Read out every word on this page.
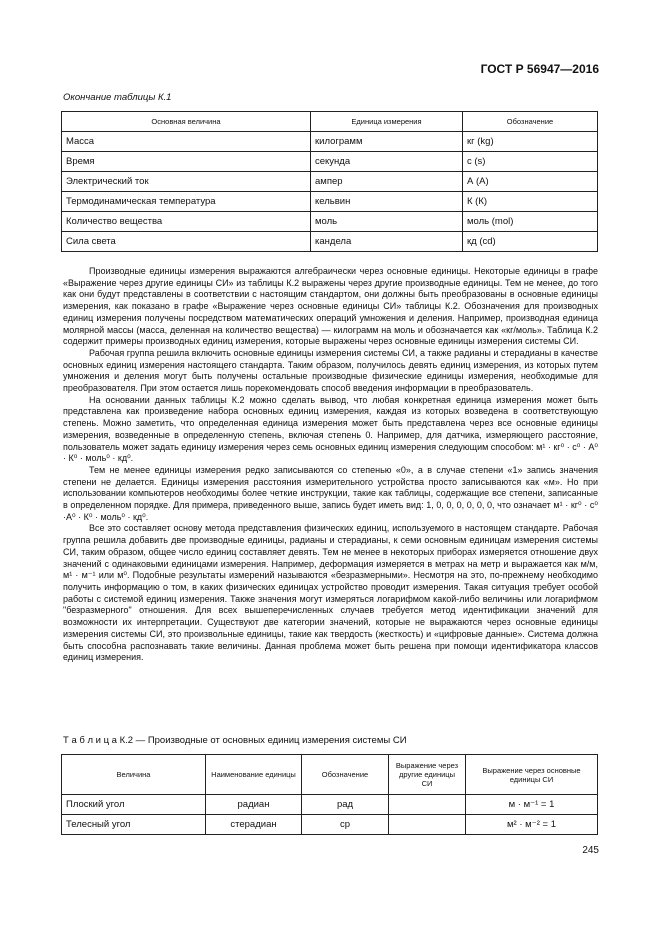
ГОСТ Р 56947—2016
Окончание таблицы К.1
Основная величина	Единица измерения	Обозначение
Масса	килограмм	кг (kg)
Время	секунда	с (s)
Электрический ток	ампер	А (А)
Термодинамическая температура	кельвин	К (К)
Количество вещества	моль	моль (mol)
Сила света	кандела	кд (cd)

Производные единицы измерения выражаются алгебраически через основные единицы. Некоторые единицы в графе «Выражение через другие единицы СИ» из таблицы К.2 выражены через другие производные единицы. Тем не менее, до того как они будут представлены в соответствии с настоящим стандартом, они должны быть преобразованы в основные единицы измерения, как показано в графе «Выражение через основные единицы СИ» таблицы К.2. Обозначения для производных единиц измерения получены посредством математических операций умножения и деления. Например, производная единица молярной массы (масса, деленная на количество вещества) — килограмм на моль и обозначается как «кг/моль». Таблица К.2 содержит примеры производных единиц измерения, которые выражены через основные единицы измерения системы СИ.

Рабочая группа решила включить основные единицы измерения системы СИ, а также радианы и стерадианы в качестве основных единиц измерения настоящего стандарта. Таким образом, получилось девять единиц измерения, из которых путем умножения и деления могут быть получены остальные производные физические единицы измерения, необходимые для преобразователя. При этом остается лишь порекомендовать способ введения информации в преобразователь.

На основании данных таблицы К.2 можно сделать вывод, что любая конкретная единица измерения может быть представлена как произведение набора основных единиц измерения, каждая из которых возведена в соответствующую степень. Можно заметить, что определенная единица измерения может быть представлена через все основные единицы измерения, возведенные в определенную степень, включая степень 0. Например, для датчика, измеряющего расстояние, пользователь может задать единицу измерения через семь основных единиц измерения следующим способом: м¹ · кг⁰ · с⁰ · А⁰ · К⁰ · моль⁰ · кд⁰.

Тем не менее единицы измерения редко записываются со степенью «0», а в случае степени «1» запись значения степени не делается. Единицы измерения расстояния измерительного устройства просто записываются как «м». Но при использовании компьютеров необходимы более четкие инструкции, такие как таблицы, содержащие все степени, записанные в определенном порядке. Для примера, приведенного выше, запись будет иметь вид: 1, 0, 0, 0, 0, 0, 0, что означает м¹ · кг⁰ · с⁰ ·А⁰ · К⁰ · моль⁰ · кд⁰.

Все это составляет основу метода представления физических единиц, используемого в настоящем стандарте. Рабочая группа решила добавить две производные единицы, радианы и стерадианы, к семи основным единицам измерения системы СИ, таким образом, общее число единиц составляет девять. Тем не менее в некоторых приборах измеряется отношение двух значений с одинаковыми единицами измерения. Например, деформация измеряется в метрах на метр и выражается как м/м, м¹ · м⁻¹ или м⁰. Подобные результаты измерений называются «безразмерными». Несмотря на это, по-прежнему необходимо получить информацию о том, в каких физических единицах устройство проводит измерения. Такая ситуация требует особой работы с системой единиц измерения. Также значения могут измеряться логарифмом какой-либо величины или логарифмом "безразмерного" отношения. Для всех вышеперечисленных случаев требуется метод идентификации значений для возможности их интерпретации. Существуют две категории значений, которые не выражаются через основные единицы измерения системы СИ, это произвольные единицы, такие как твердость (жесткость) и «цифровые данные». Система должна быть способна распознавать такие величины. Данная проблема может быть решена при помощи идентификатора классов единиц измерения.

Т а б л и ц а К.2 — Производные от основных единиц измерения системы СИ
Величина	Наименование единицы	Обозначение	Выражение через другие единицы СИ	Выражение через основные единицы СИ
Плоский угол	радиан	рад		м · м⁻¹ = 1
Телесный угол	стерадиан	ср		м² · м⁻² = 1
245
